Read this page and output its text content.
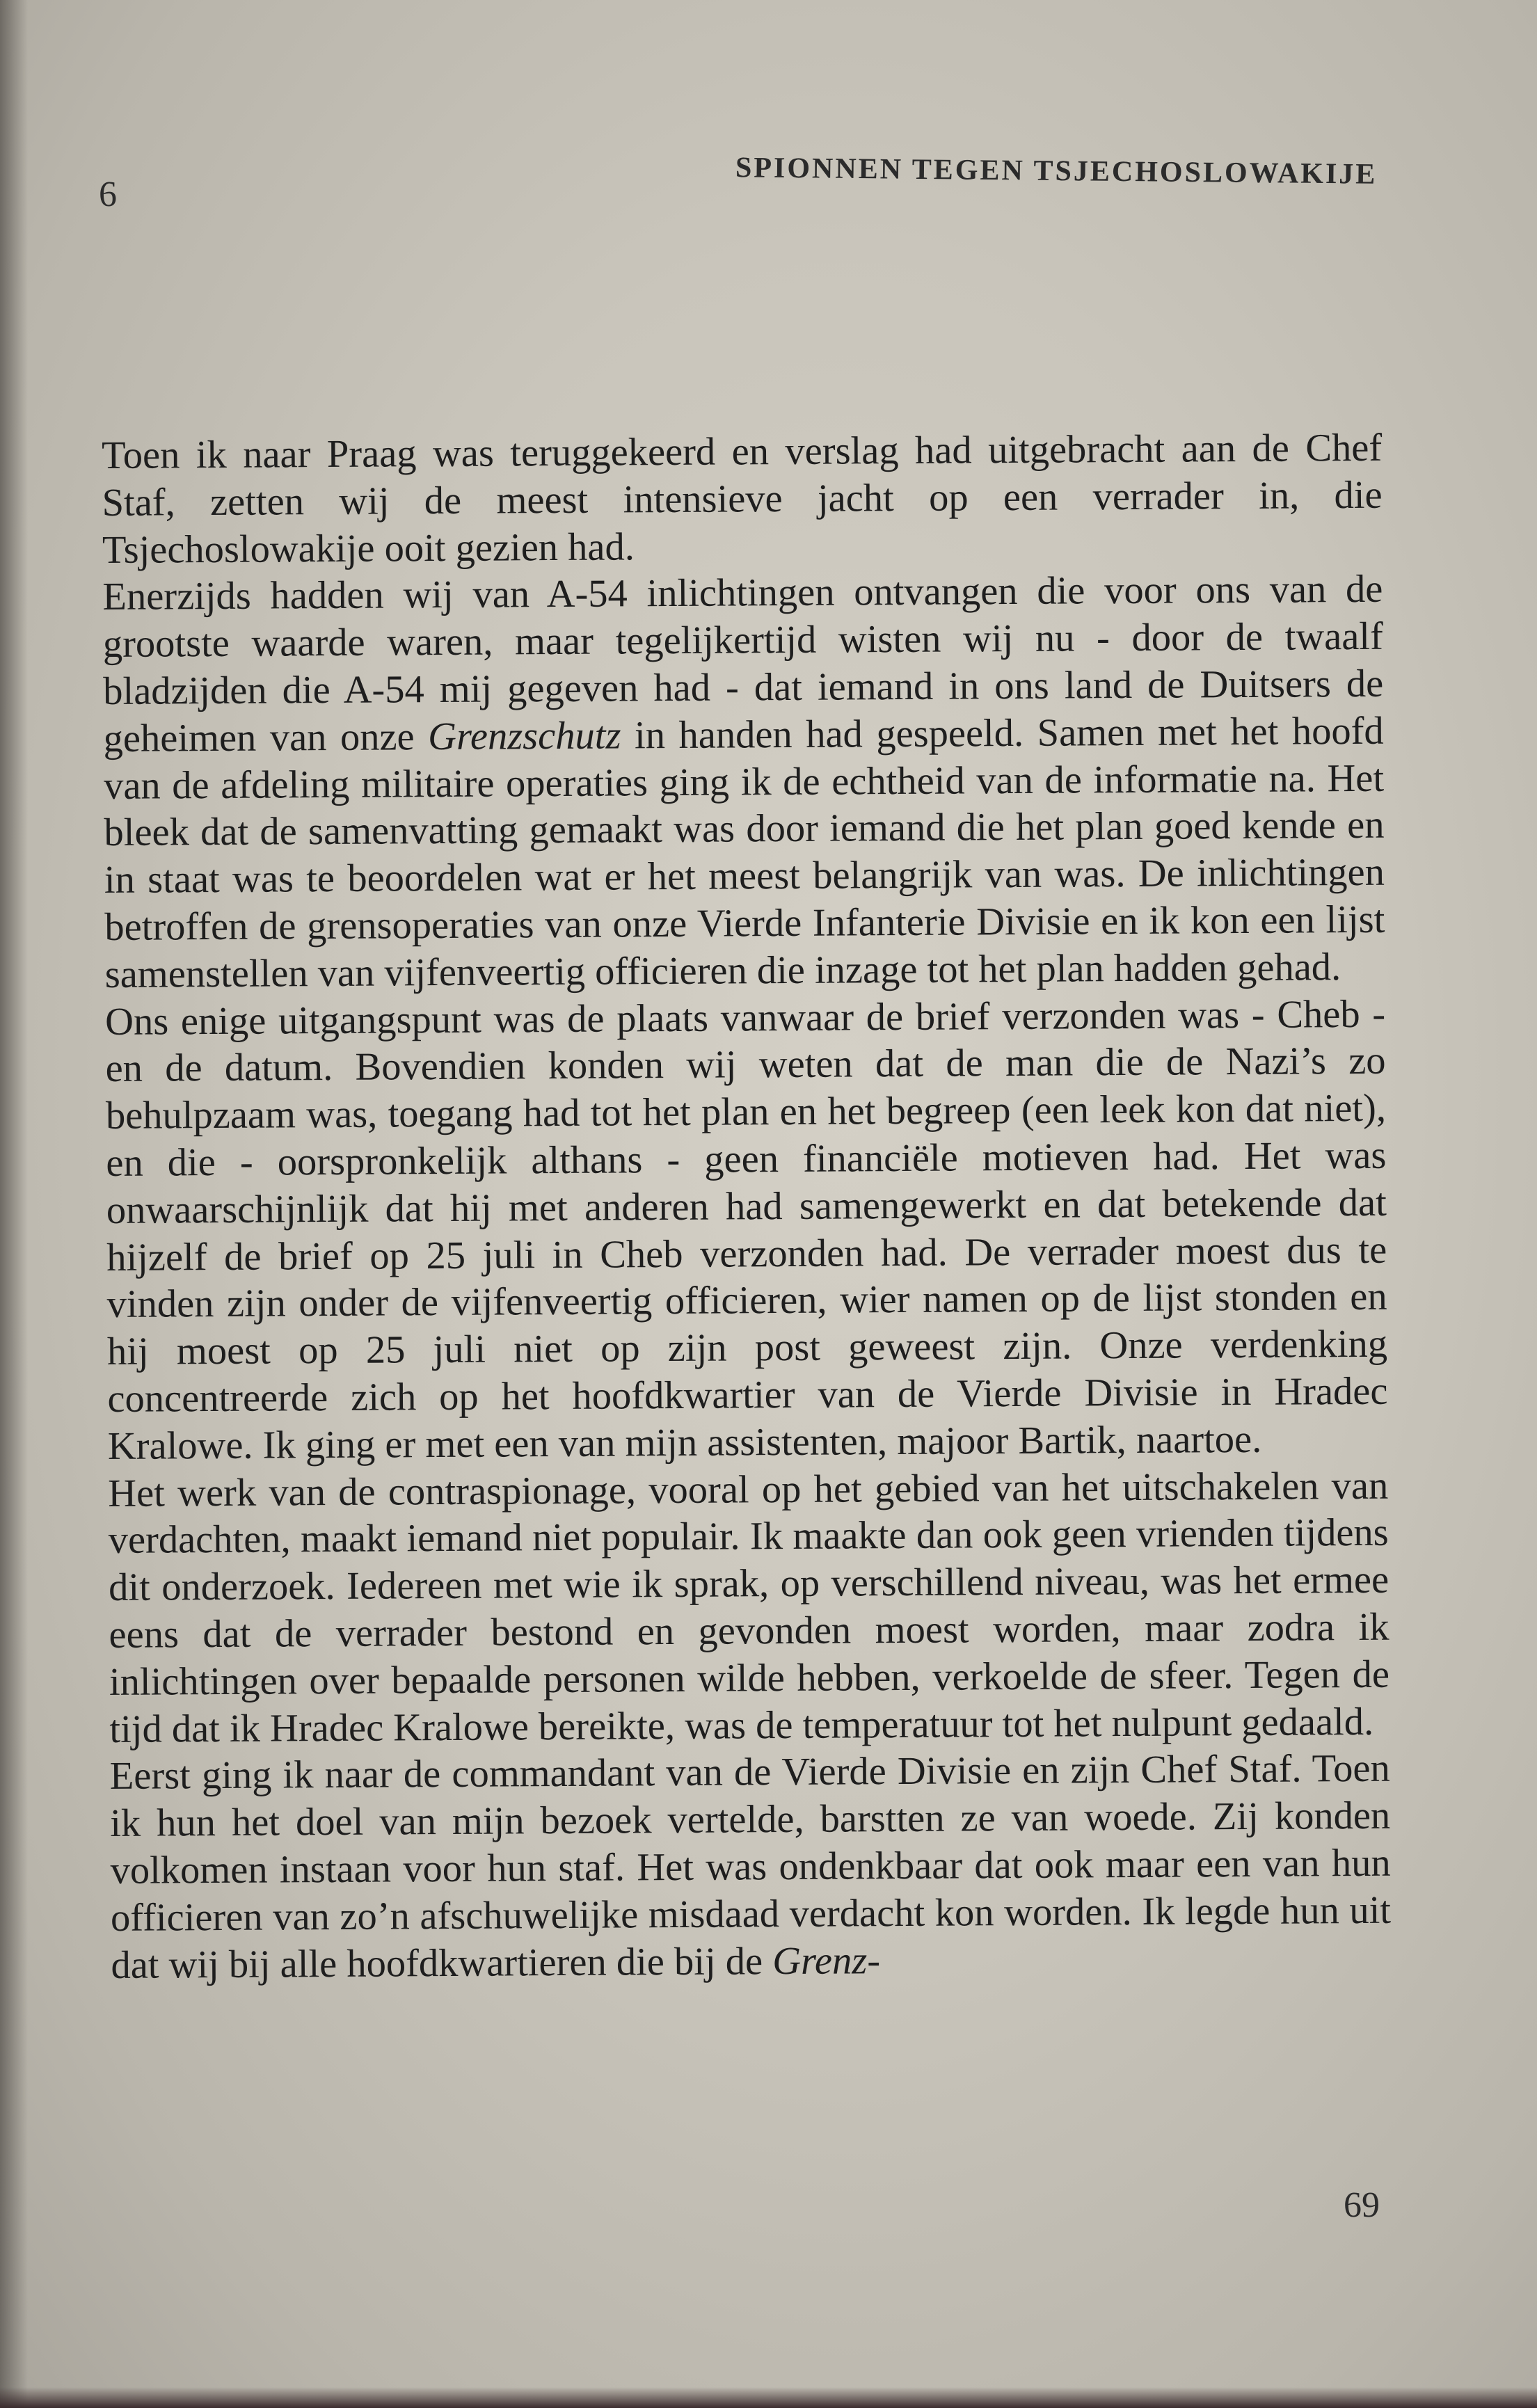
6
SPIONNEN TEGEN TSJECHOSLOWAKIJE

Toen ik naar Praag was teruggekeerd en verslag had uitgebracht aan de Chef Staf, zetten wij de meest intensieve jacht op een verrader in, die Tsjechoslowakije ooit gezien had.

Enerzijds hadden wij van A-54 inlichtingen ontvangen die voor ons van de grootste waarde waren, maar tegelijkertijd wisten wij nu - door de twaalf bladzijden die A-54 mij gegeven had - dat iemand in ons land de Duitsers de geheimen van onze Grenzschutz in handen had gespeeld. Samen met het hoofd van de afdeling militaire operaties ging ik de echtheid van de informatie na. Het bleek dat de samenvatting gemaakt was door iemand die het plan goed kende en in staat was te beoordelen wat er het meest belangrijk van was. De inlichtingen betroffen de grensoperaties van onze Vierde Infanterie Divisie en ik kon een lijst samenstellen van vijfenveertig officieren die inzage tot het plan hadden gehad.

Ons enige uitgangspunt was de plaats vanwaar de brief verzonden was - Cheb - en de datum. Bovendien konden wij weten dat de man die de Nazi’s zo behulpzaam was, toegang had tot het plan en het begreep (een leek kon dat niet), en die - oorspronkelijk althans - geen financiële motieven had. Het was onwaarschijnlijk dat hij met anderen had samengewerkt en dat betekende dat hijzelf de brief op 25 juli in Cheb verzonden had. De verrader moest dus te vinden zijn onder de vijfenveertig officieren, wier namen op de lijst stonden en hij moest op 25 juli niet op zijn post geweest zijn. Onze verdenking concentreerde zich op het hoofdkwartier van de Vierde Divisie in Hradec Kralowe. Ik ging er met een van mijn assistenten, majoor Bartik, naartoe.

Het werk van de contraspionage, vooral op het gebied van het uitschakelen van verdachten, maakt iemand niet populair. Ik maakte dan ook geen vrienden tijdens dit onderzoek. Iedereen met wie ik sprak, op verschillend niveau, was het ermee eens dat de verrader bestond en gevonden moest worden, maar zodra ik inlichtingen over bepaalde personen wilde hebben, verkoelde de sfeer. Tegen de tijd dat ik Hradec Kralowe bereikte, was de temperatuur tot het nulpunt gedaald.

Eerst ging ik naar de commandant van de Vierde Divisie en zijn Chef Staf. Toen ik hun het doel van mijn bezoek vertelde, barstten ze van woede. Zij konden volkomen instaan voor hun staf. Het was ondenkbaar dat ook maar een van hun officieren van zo’n afschuwelijke misdaad verdacht kon worden. Ik legde hun uit dat wij bij alle hoofdkwartieren die bij de Grenz-

69
